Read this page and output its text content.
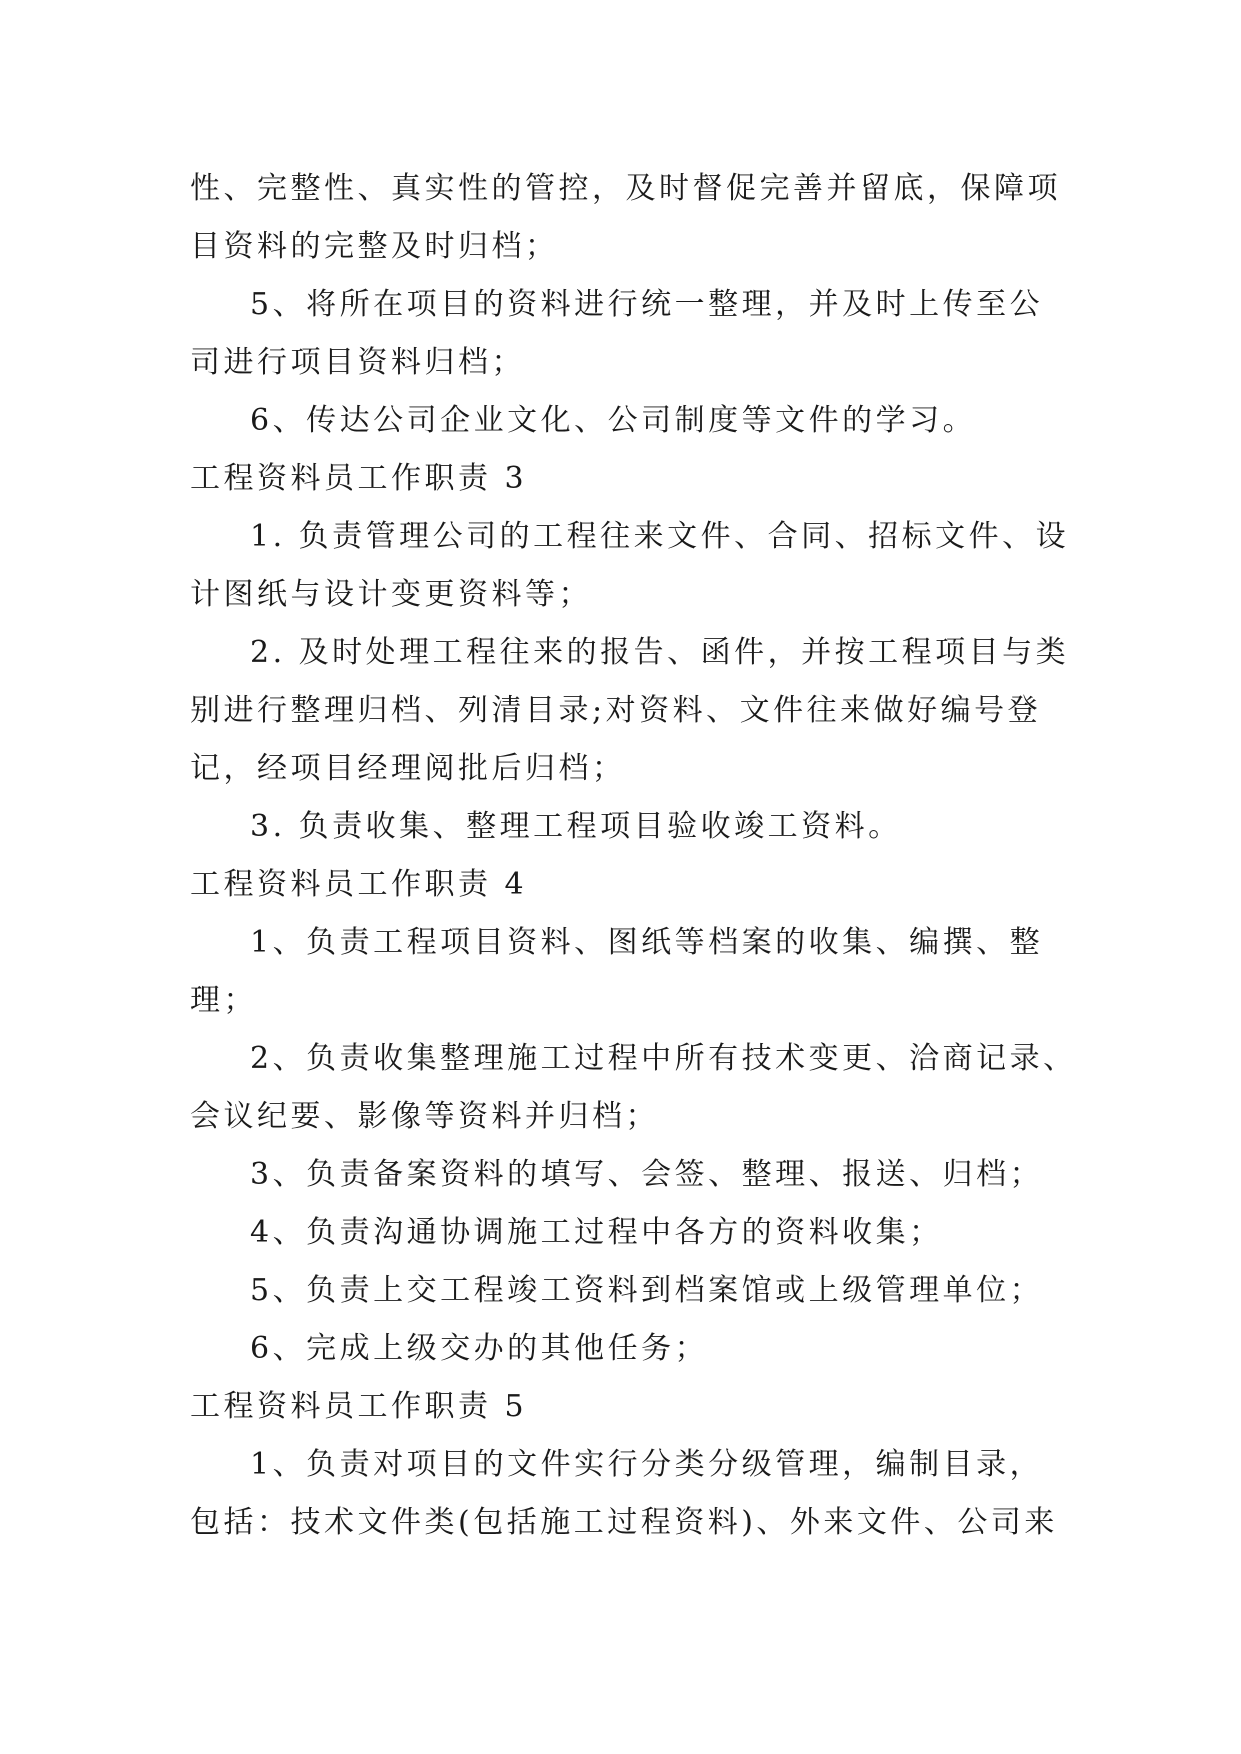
性、完整性、真实性的管控，及时督促完善并留底，保障项
目资料的完整及时归档；
5、将所在项目的资料进行统一整理，并及时上传至公
司进行项目资料归档；
6、传达公司企业文化、公司制度等文件的学习。
工程资料员工作职责 3
1. 负责管理公司的工程往来文件、合同、招标文件、设
计图纸与设计变更资料等；
2. 及时处理工程往来的报告、函件，并按工程项目与类
别进行整理归档、列清目录;对资料、文件往来做好编号登
记，经项目经理阅批后归档；
3. 负责收集、整理工程项目验收竣工资料。
工程资料员工作职责 4
1、负责工程项目资料、图纸等档案的收集、编撰、整
理；
2、负责收集整理施工过程中所有技术变更、洽商记录、
会议纪要、影像等资料并归档；
3、负责备案资料的填写、会签、整理、报送、归档；
4、负责沟通协调施工过程中各方的资料收集；
5、负责上交工程竣工资料到档案馆或上级管理单位；
6、完成上级交办的其他任务；
工程资料员工作职责 5
1、负责对项目的文件实行分类分级管理，编制目录，
包括：技术文件类(包括施工过程资料)、外来文件、公司来
